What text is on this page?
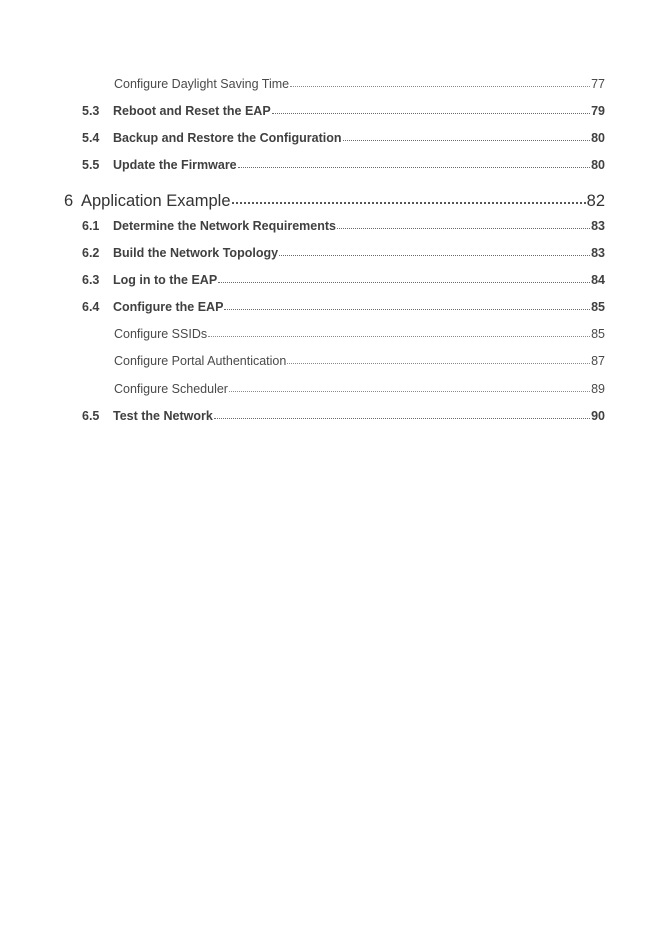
Configure Daylight Saving Time	77
5.3	Reboot and Reset the EAP	79
5.4	Backup and Restore the Configuration	80
5.5	Update the Firmware	80
6 Application Example	82
6.1	Determine the Network Requirements	83
6.2	Build the Network Topology	83
6.3	Log in to the EAP	84
6.4	Configure the EAP	85
Configure SSIDs	85
Configure Portal Authentication	87
Configure Scheduler	89
6.5	Test the Network	90
